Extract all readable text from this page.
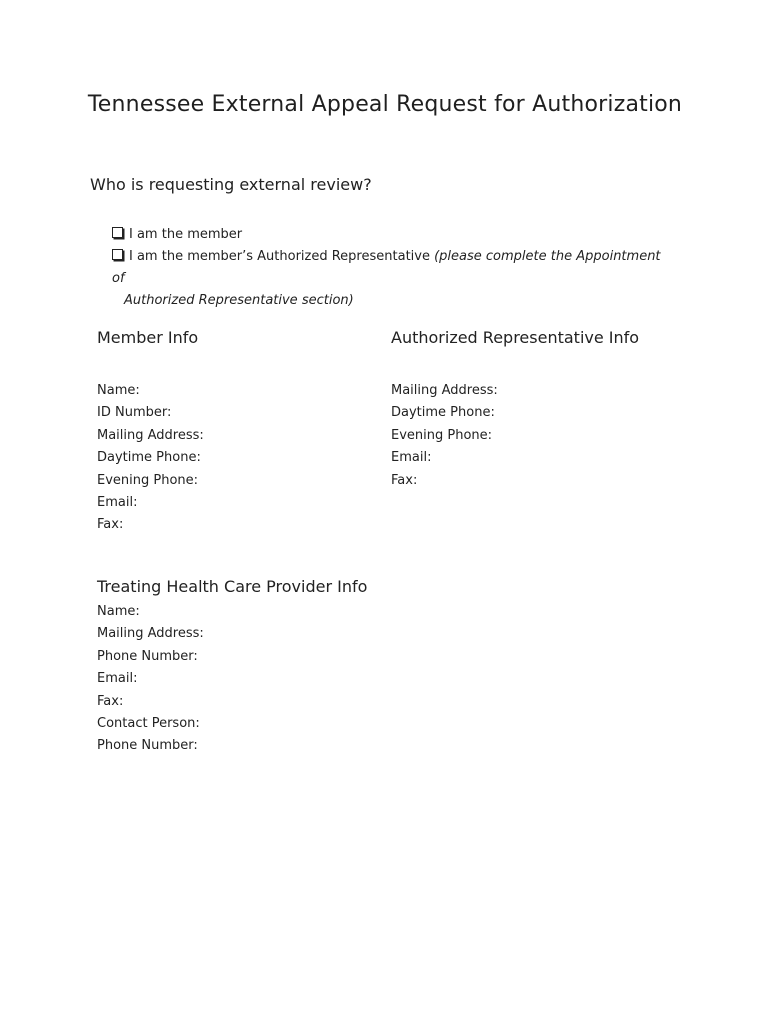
Tennessee External Appeal Request for Authorization

Who is requesting external review?

I am the member
I am the member’s Authorized Representative (please complete the Appointment of
Authorized Representative section)
Member Info
Name:
ID Number:
Mailing Address:
Daytime Phone:
Evening Phone:
Email:
Fax:
Authorized Representative Info
Mailing Address:
Daytime Phone:
Evening Phone:
Email:
Fax:
Treating Health Care Provider Info
Name:
Mailing Address:
Phone Number:
Email:
Fax:
Contact Person:
Phone Number:
